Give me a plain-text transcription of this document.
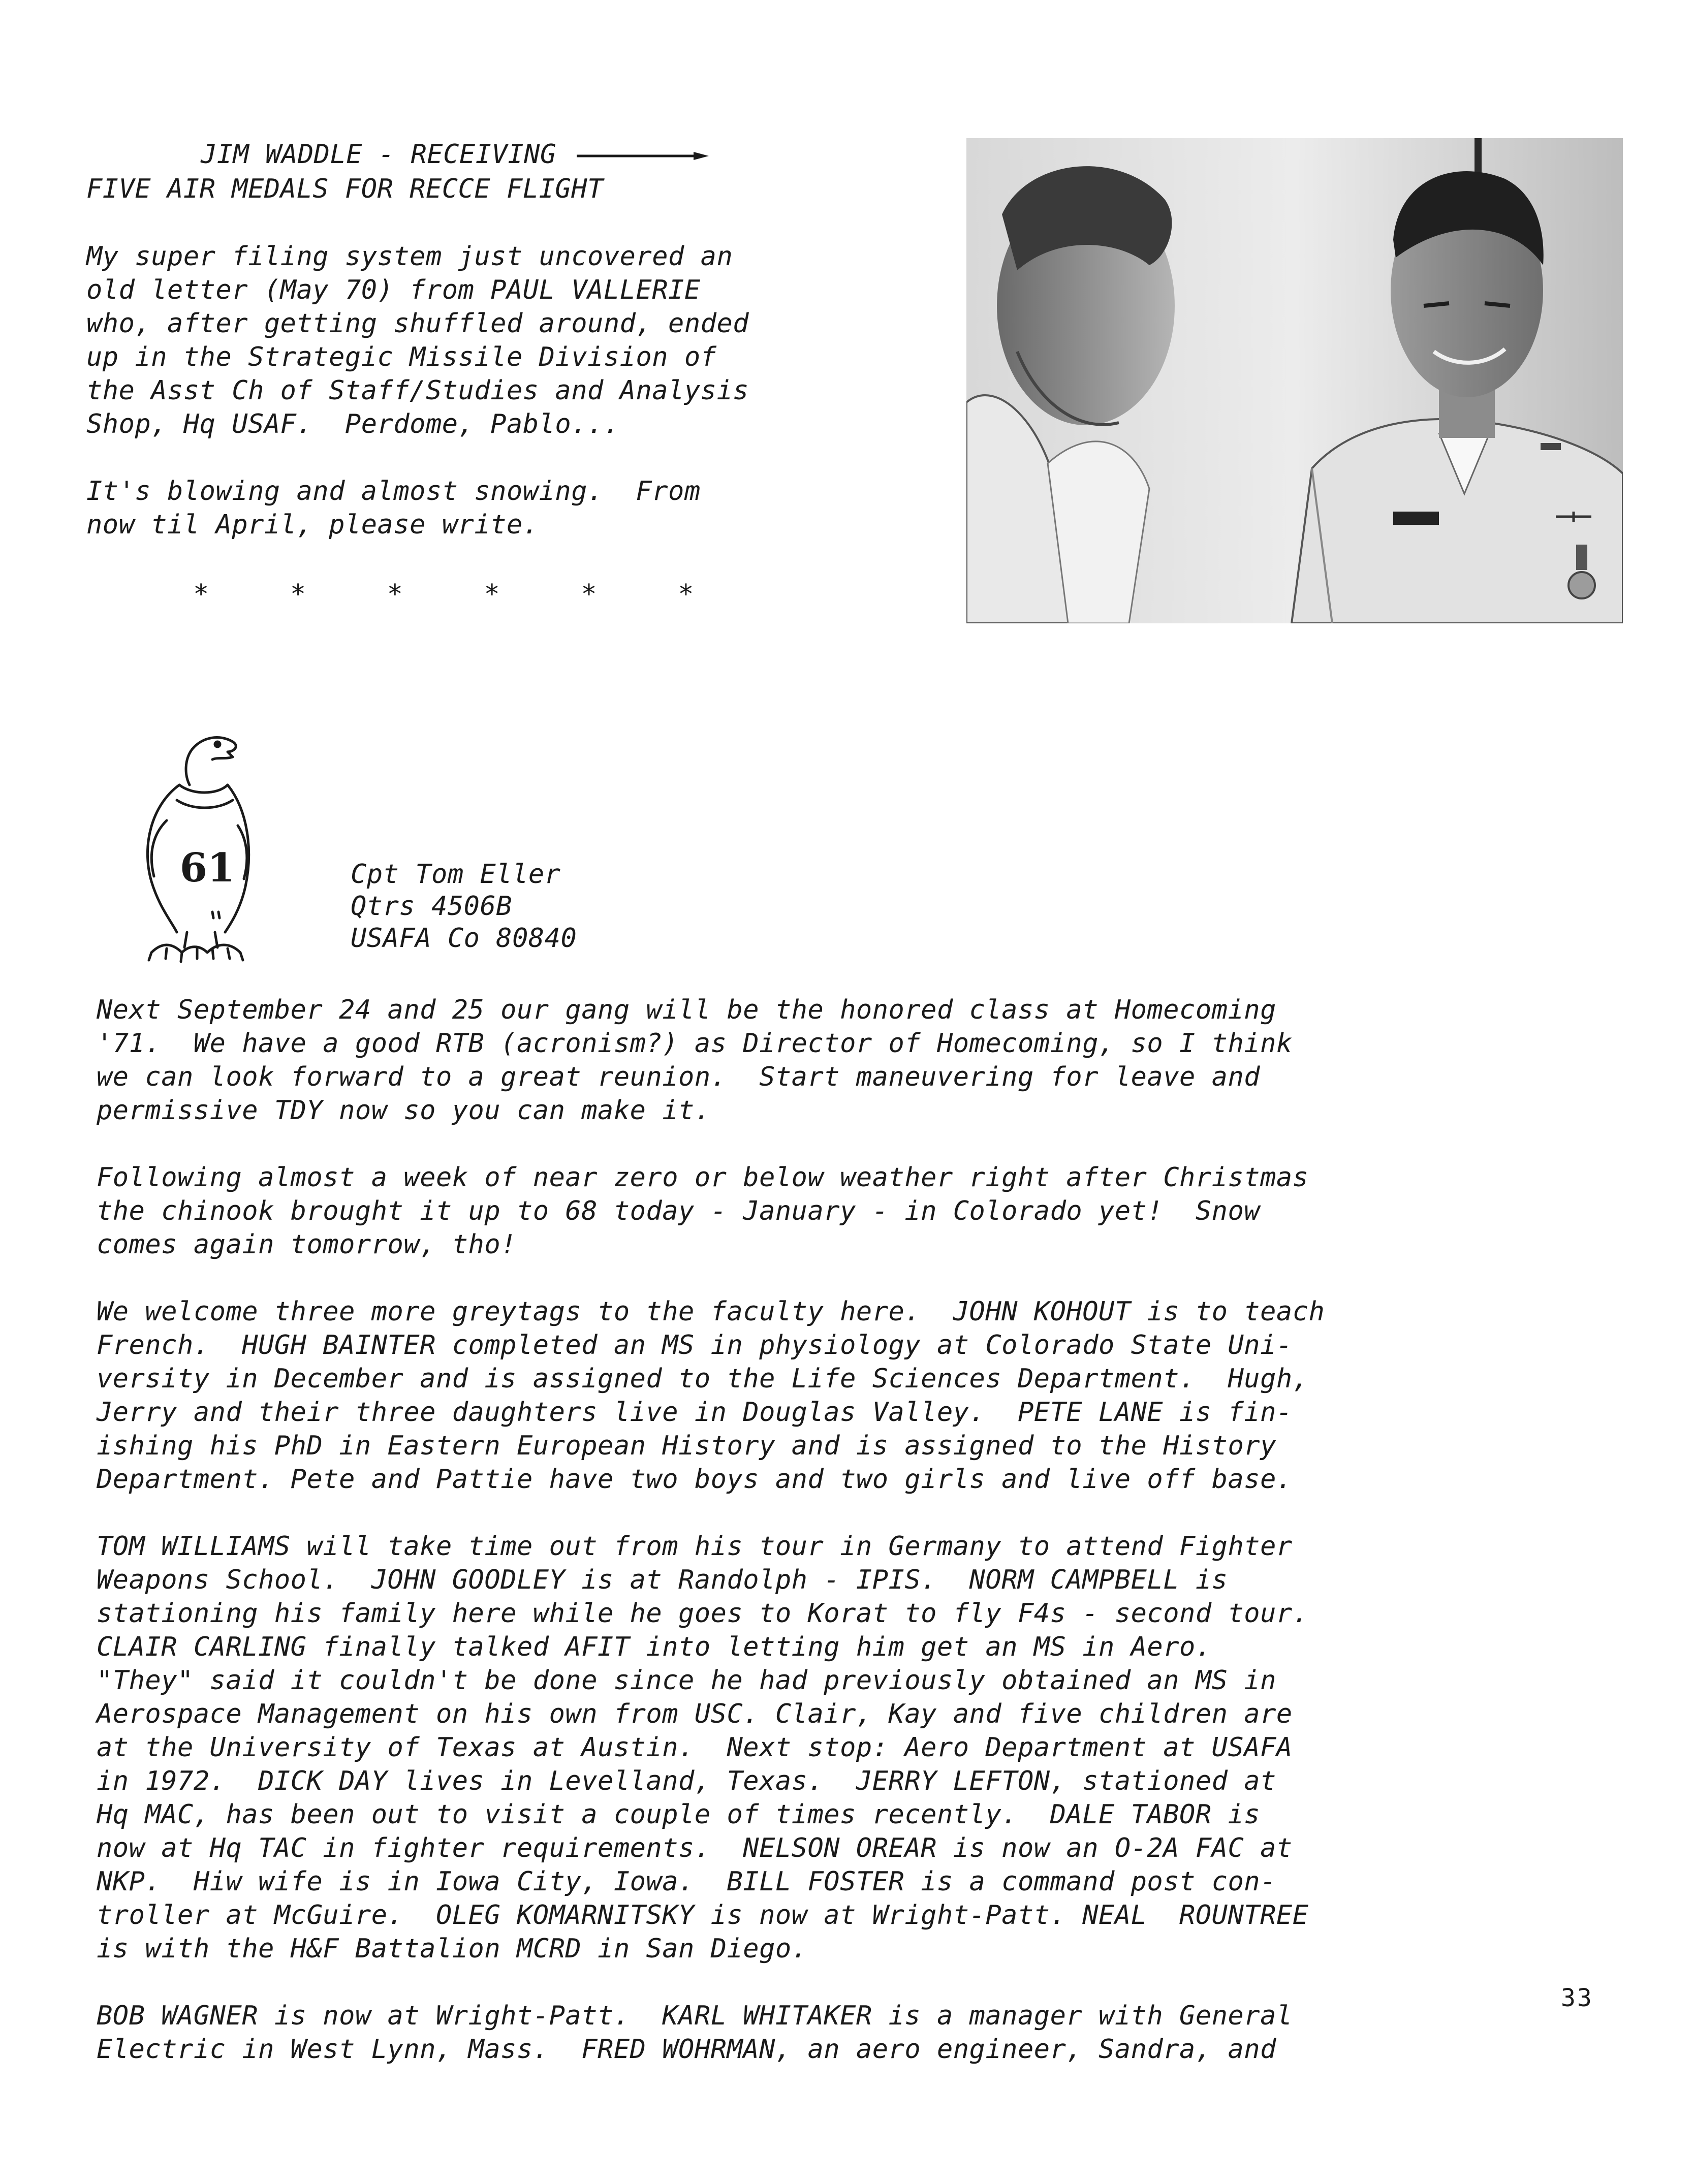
JIM WADDLE - RECEIVING
FIVE AIR MEDALS FOR RECCE FLIGHT

My super filing system just uncovered an
old letter (May 70) from PAUL VALLERIE
who, after getting shuffled around, ended
up in the Strategic Missile Division of
the Asst Ch of Staff/Studies and Analysis
Shop, Hq USAF.  Perdome, Pablo...

It's blowing and almost snowing.  From
now til April, please write.

*     *     *     *     *     *
61	Cpt Tom Eller
Qtrs 4506B
USAFA Co 80840

Next September 24 and 25 our gang will be the honored class at Homecoming
'71.  We have a good RTB (acronism?) as Director of Homecoming, so I think
we can look forward to a great reunion.  Start maneuvering for leave and
permissive TDY now so you can make it.

Following almost a week of near zero or below weather right after Christmas
the chinook brought it up to 68 today - January - in Colorado yet!  Snow
comes again tomorrow, tho!

We welcome three more greytags to the faculty here.  JOHN KOHOUT is to teach
French.  HUGH BAINTER completed an MS in physiology at Colorado State Uni-
versity in December and is assigned to the Life Sciences Department.  Hugh,
Jerry and their three daughters live in Douglas Valley.  PETE LANE is fin-
ishing his PhD in Eastern European History and is assigned to the History
Department. Pete and Pattie have two boys and two girls and live off base.

TOM WILLIAMS will take time out from his tour in Germany to attend Fighter
Weapons School.  JOHN GOODLEY is at Randolph - IPIS.  NORM CAMPBELL is
stationing his family here while he goes to Korat to fly F4s - second tour.
CLAIR CARLING finally talked AFIT into letting him get an MS in Aero.
"They" said it couldn't be done since he had previously obtained an MS in
Aerospace Management on his own from USC. Clair, Kay and five children are
at the University of Texas at Austin.  Next stop: Aero Department at USAFA
in 1972.  DICK DAY lives in Levelland, Texas.  JERRY LEFTON, stationed at
Hq MAC, has been out to visit a couple of times recently.  DALE TABOR is
now at Hq TAC in fighter requirements.  NELSON OREAR is now an O-2A FAC at
NKP.  Hiw wife is in Iowa City, Iowa.  BILL FOSTER is a command post con-
troller at McGuire.  OLEG KOMARNITSKY is now at Wright-Patt. NEAL  ROUNTREE
is with the H&F Battalion MCRD in San Diego.

BOB WAGNER is now at Wright-Patt.  KARL WHITAKER is a manager with General
Electric in West Lynn, Mass.  FRED WOHRMAN, an aero engineer, Sandra, and

33
